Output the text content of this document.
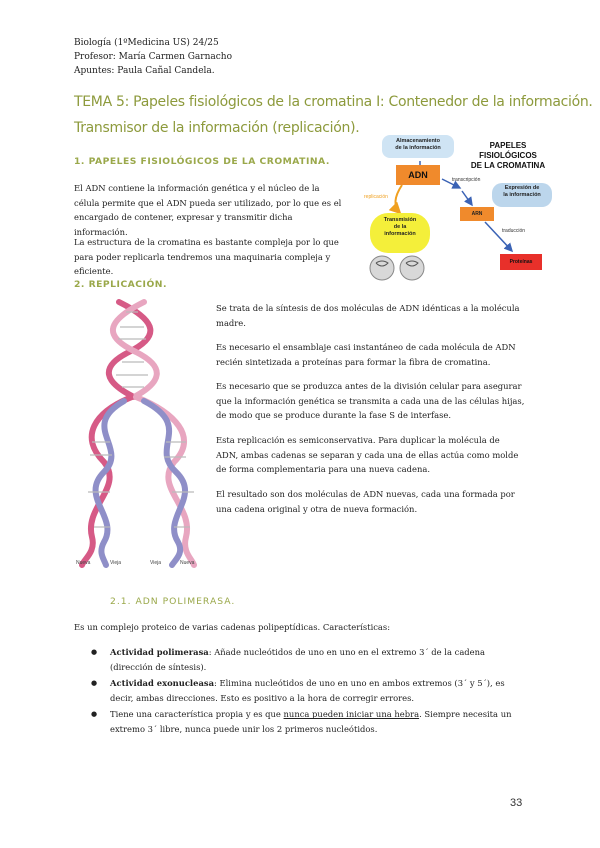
Biología (1ºMedicina US) 24/25
Profesor: María Carmen Garnacho
Apuntes: Paula Cañal Candela.
TEMA 5: Papeles fisiológicos de la cromatina I: Contenedor de la información.
Transmisor de la información (replicación).
1. PAPELES FISIOLÓGICOS DE LA CROMATINA.
El ADN contiene la información genética y el núcleo de la célula permite que el ADN pueda ser utilizado, por lo que es el encargado de contener, expresar y transmitir dicha información.
La estructura de la cromatina es bastante compleja por lo que para poder replicarla tendremos una maquinaria compleja y eficiente.
PAPELES FISIOLÓGICOS
DE LA CROMATINA
Almacenamiento
de la información
ADN
replicación
transcripción
Expresión de
la información
ARN
Transmisión
de la
información	traducción
Proteínas
2. REPLICACIÓN.
Nueva	Vieja	Vieja	Nueva
Se trata de la síntesis de dos moléculas de ADN idénticas a la molécula madre.
Es necesario el ensamblaje casi instantáneo de cada molécula de ADN recién sintetizada a proteínas para formar la fibra de cromatina.
Es necesario que se produzca antes de la división celular para asegurar que la información genética se transmita a cada una de las células hijas, de modo que se produce durante la fase S de interfase.
Esta replicación es semiconservativa. Para duplicar la molécula de ADN, ambas cadenas se separan y cada una de ellas actúa como molde de forma complementaria para una nueva cadena.
El resultado son dos moléculas de ADN nuevas, cada una formada por una cadena original y otra de nueva formación.
2.1. ADN POLIMERASA.
Es un complejo proteico de varias cadenas polipeptídicas. Características:
● Actividad polimerasa: Añade nucleótidos de uno en uno en el extremo 3´ de la cadena (dirección de síntesis).
● Actividad exonucleasa: Elimina nucleótidos de uno en uno en ambos extremos (3´ y 5´), es decir, ambas direcciones. Esto es positivo a la hora de corregir errores.
● Tiene una característica propia y es que nunca pueden iniciar una hebra. Siempre necesita un extremo 3´ libre, nunca puede unir los 2 primeros nucleótidos.
33
